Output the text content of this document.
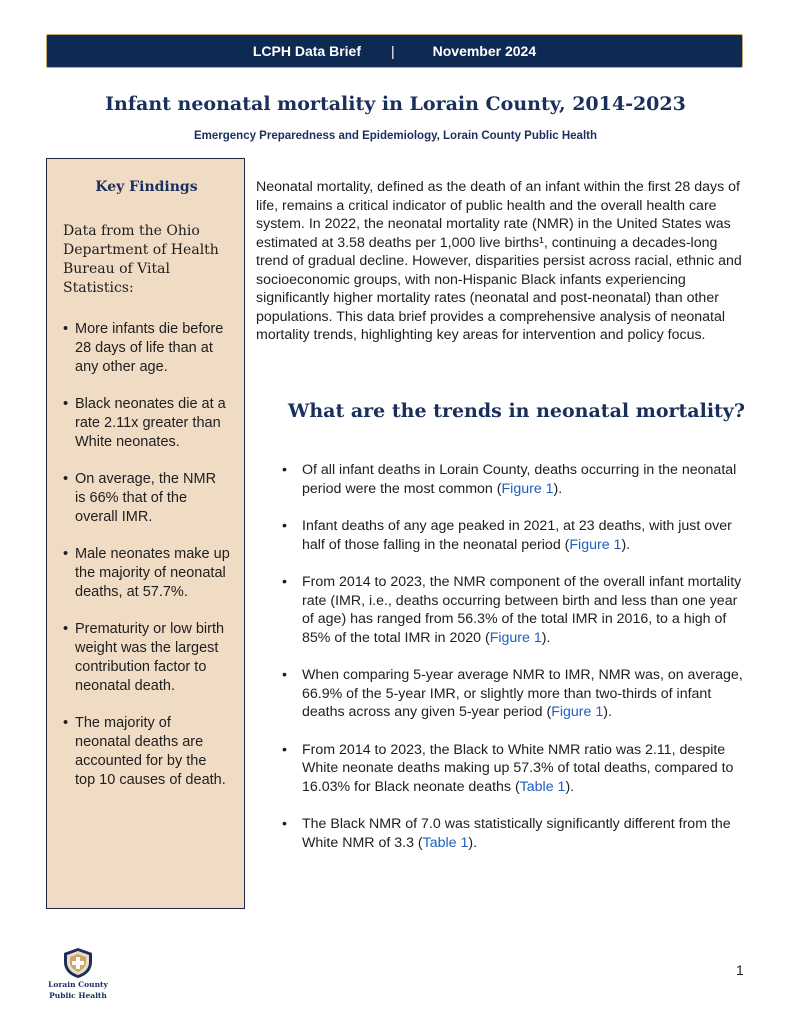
LCPH Data Brief |	November 2024
Infant neonatal mortality in Lorain County, 2014-2023
Emergency Preparedness and Epidemiology, Lorain County Public Health
Key Findings
Data from the Ohio Department of Health Bureau of Vital Statistics:
• More infants die before 28 days of life than at any other age.
• Black neonates die at a rate 2.11x greater than White neonates.
• On average, the NMR is 66% that of the overall IMR.
• Male neonates make up the majority of neonatal deaths, at 57.7%.
• Prematurity or low birth weight was the largest contribution factor to neonatal death.
• The majority of neonatal deaths are accounted for by the top 10 causes of death.

Neonatal mortality, defined as the death of an infant within the first 28 days of life, remains a critical indicator of public health and the overall health care system. In 2022, the neonatal mortality rate (NMR) in the United States was estimated at 3.58 deaths per 1,000 live births¹, continuing a decades-long trend of gradual decline. However, disparities persist across racial, ethnic and socioeconomic groups, with non-Hispanic Black infants experiencing significantly higher mortality rates (neonatal and post-neonatal) than other populations. This data brief provides a comprehensive analysis of neonatal mortality trends, highlighting key areas for intervention and policy focus.

What are the trends in neonatal mortality?
• Of all infant deaths in Lorain County, deaths occurring in the neonatal period were the most common (Figure 1).
• Infant deaths of any age peaked in 2021, at 23 deaths, with just over half of those falling in the neonatal period (Figure 1).
• From 2014 to 2023, the NMR component of the overall infant mortality rate (IMR, i.e., deaths occurring between birth and less than one year of age) has ranged from 56.3% of the total IMR in 2016, to a high of 85% of the total IMR in 2020 (Figure 1).
• When comparing 5-year average NMR to IMR, NMR was, on average, 66.9% of the 5-year IMR, or slightly more than two-thirds of infant deaths across any given 5-year period (Figure 1).
• From 2014 to 2023, the Black to White NMR ratio was 2.11, despite White neonate deaths making up 57.3% of total deaths, compared to 16.03% for Black neonate deaths (Table 1).
• The Black NMR of 7.0 was statistically significantly different from the White NMR of 3.3 (Table 1).
Lorain County
Public Health
1
